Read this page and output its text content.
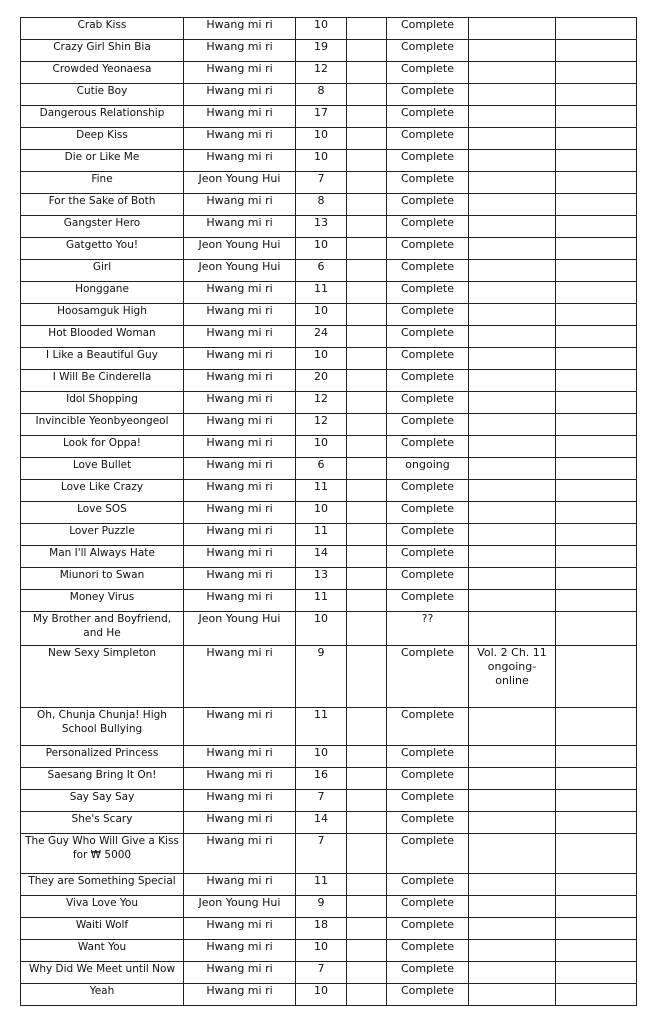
Crab Kiss	Hwang mi ri	10		Complete		
Crazy Girl Shin Bia	Hwang mi ri	19		Complete		
Crowded Yeonaesa	Hwang mi ri	12		Complete		
Cutie Boy	Hwang mi ri	8		Complete		
Dangerous Relationship	Hwang mi ri	17		Complete		
Deep Kiss	Hwang mi ri	10		Complete		
Die or Like Me	Hwang mi ri	10		Complete		
Fine	Jeon Young Hui	7		Complete		
For the Sake of Both	Hwang mi ri	8		Complete		
Gangster Hero	Hwang mi ri	13		Complete		
Gatgetto You!	Jeon Young Hui	10		Complete		
Girl	Jeon Young Hui	6		Complete		
Honggane	Hwang mi ri	11		Complete		
Hoosamguk High	Hwang mi ri	10		Complete		
Hot Blooded Woman	Hwang mi ri	24		Complete		
I Like a Beautiful Guy	Hwang mi ri	10		Complete		
I Will Be Cinderella	Hwang mi ri	20		Complete		
Idol Shopping	Hwang mi ri	12		Complete		
Invincible Yeonbyeongeol	Hwang mi ri	12		Complete		
Look for Oppa!	Hwang mi ri	10		Complete		
Love Bullet	Hwang mi ri	6		ongoing		
Love Like Crazy	Hwang mi ri	11		Complete		
Love SOS	Hwang mi ri	10		Complete		
Lover Puzzle	Hwang mi ri	11		Complete		
Man I'll Always Hate	Hwang mi ri	14		Complete		
Miunori to Swan	Hwang mi ri	13		Complete		
Money Virus	Hwang mi ri	11		Complete		
My Brother and Boyfriend, and He	Jeon Young Hui	10		??		
New Sexy Simpleton	Hwang mi ri	9		Complete	Vol. 2 Ch. 11 ongoing-online	
Oh, Chunja Chunja! High School Bullying	Hwang mi ri	11		Complete		
Personalized Princess	Hwang mi ri	10		Complete		
Saesang Bring It On!	Hwang mi ri	16		Complete		
Say Say Say	Hwang mi ri	7		Complete		
She's Scary	Hwang mi ri	14		Complete		
The Guy Who Will Give a Kiss for ₩ 5000	Hwang mi ri	7		Complete		
They are Something Special	Hwang mi ri	11		Complete		
Viva Love You	Jeon Young Hui	9		Complete		
Waiti Wolf	Hwang mi ri	18		Complete		
Want You	Hwang mi ri	10		Complete		
Why Did We Meet until Now	Hwang mi ri	7		Complete		
Yeah	Hwang mi ri	10		Complete		
